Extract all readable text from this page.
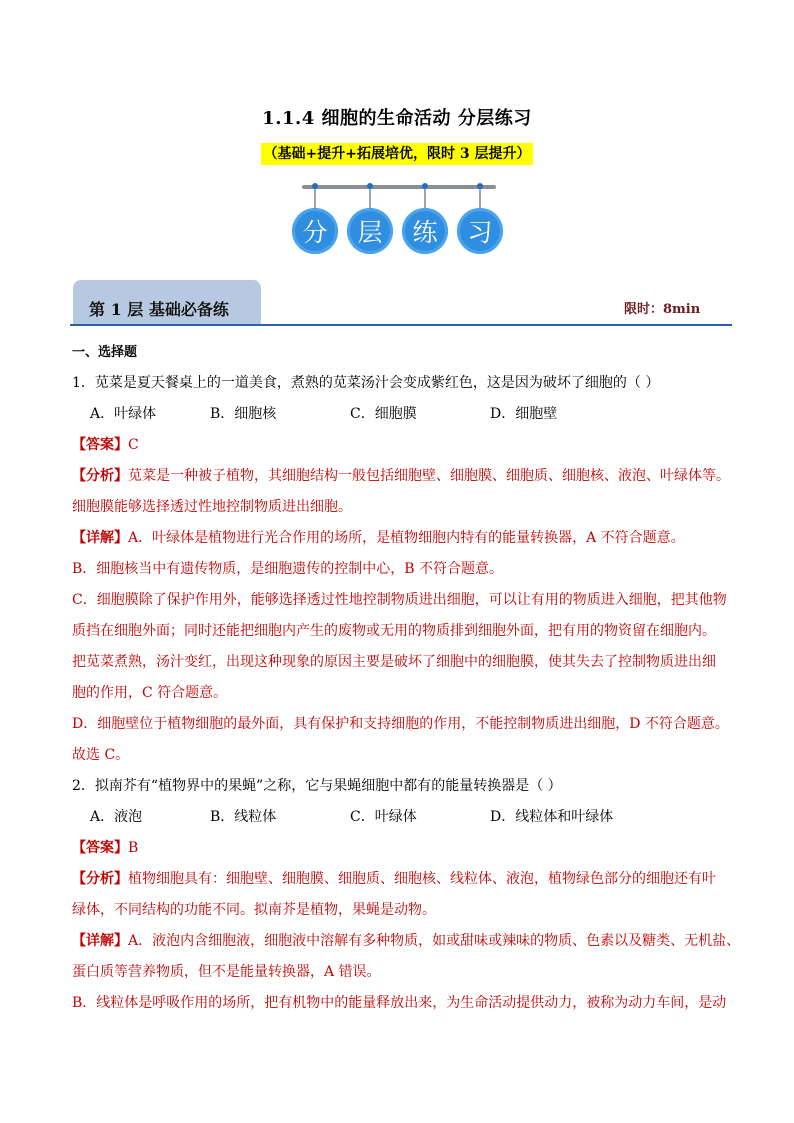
1.1.4 细胞的生命活动 分层练习
（基础+提升+拓展培优，限时 3 层提升）
分	层	练	习
第 1 层 基础必备练	限时：8min
一、选择题
1．苋菜是夏天餐桌上的一道美食，煮熟的苋菜汤汁会变成紫红色，这是因为破坏了细胞的（ ）
A．叶绿体	B．细胞核	C．细胞膜	D．细胞壁
【答案】C
【分析】苋菜是一种被子植物，其细胞结构一般包括细胞壁、细胞膜、细胞质、细胞核、液泡、叶绿体等。
细胞膜能够选择透过性地控制物质进出细胞。
【详解】A．叶绿体是植物进行光合作用的场所，是植物细胞内特有的能量转换器，A 不符合题意。
B．细胞核当中有遗传物质，是细胞遗传的控制中心，B 不符合题意。
C．细胞膜除了保护作用外，能够选择透过性地控制物质进出细胞，可以让有用的物质进入细胞，把其他物
质挡在细胞外面；同时还能把细胞内产生的废物或无用的物质排到细胞外面，把有用的物资留在细胞内。
把苋菜煮熟，汤汁变红，出现这种现象的原因主要是破坏了细胞中的细胞膜，使其失去了控制物质进出细
胞的作用，C 符合题意。
D．细胞壁位于植物细胞的最外面，具有保护和支持细胞的作用，不能控制物质进出细胞，D 不符合题意。
故选 C。
2．拟南芥有“植物界中的果蝇”之称，它与果蝇细胞中都有的能量转换器是（ ）
A．液泡	B．线粒体	C．叶绿体	D．线粒体和叶绿体
【答案】B
【分析】植物细胞具有：细胞壁、细胞膜、细胞质、细胞核、线粒体、液泡，植物绿色部分的细胞还有叶
绿体，不同结构的功能不同。拟南芥是植物，果蝇是动物。
【详解】A．液泡内含细胞液，细胞液中溶解有多种物质，如或甜味或辣味的物质、色素以及糖类、无机盐、
蛋白质等营养物质，但不是能量转换器，A 错误。
B．线粒体是呼吸作用的场所，把有机物中的能量释放出来，为生命活动提供动力，被称为动力车间，是动
